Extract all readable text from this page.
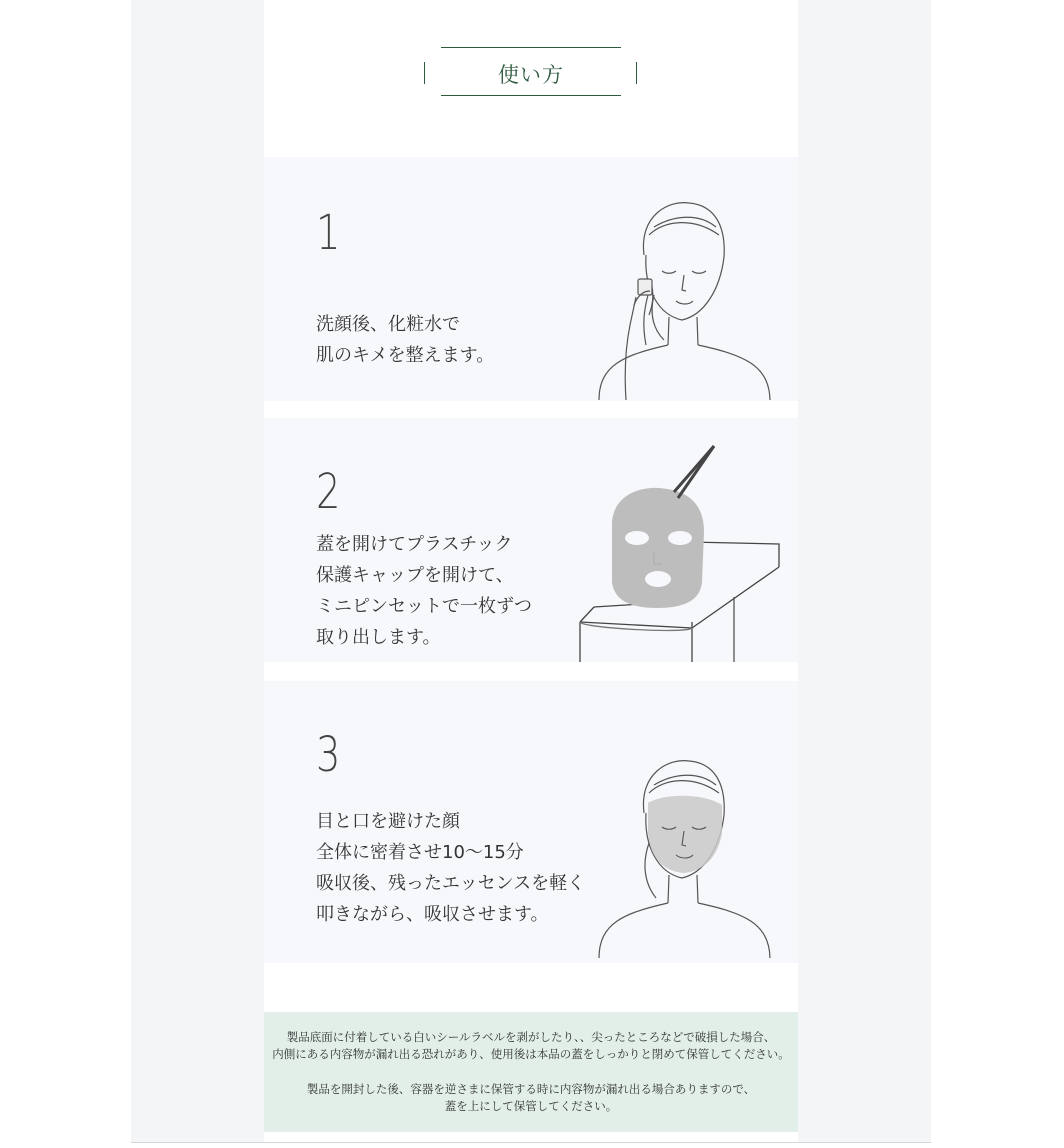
使い方
1
洗顔後、化粧水で
肌のキメを整えます。
2
蓋を開けてプラスチック
保護キャップを開けて、
ミニピンセットで一枚ずつ
取り出します。
3
目と口を避けた顔
全体に密着させ10〜15分
吸収後、残ったエッセンスを軽く
叩きながら、吸収させます。

製品底面に付着している白いシールラベルを剥がしたり、、尖ったところなどで破損した場合、

内側にある内容物が漏れ出る恐れがあり、使用後は本品の蓋をしっかりと閉めて保管してください。

製品を開封した後、容器を逆さまに保管する時に内容物が漏れ出る場合ありますので、

蓋を上にして保管してください。
